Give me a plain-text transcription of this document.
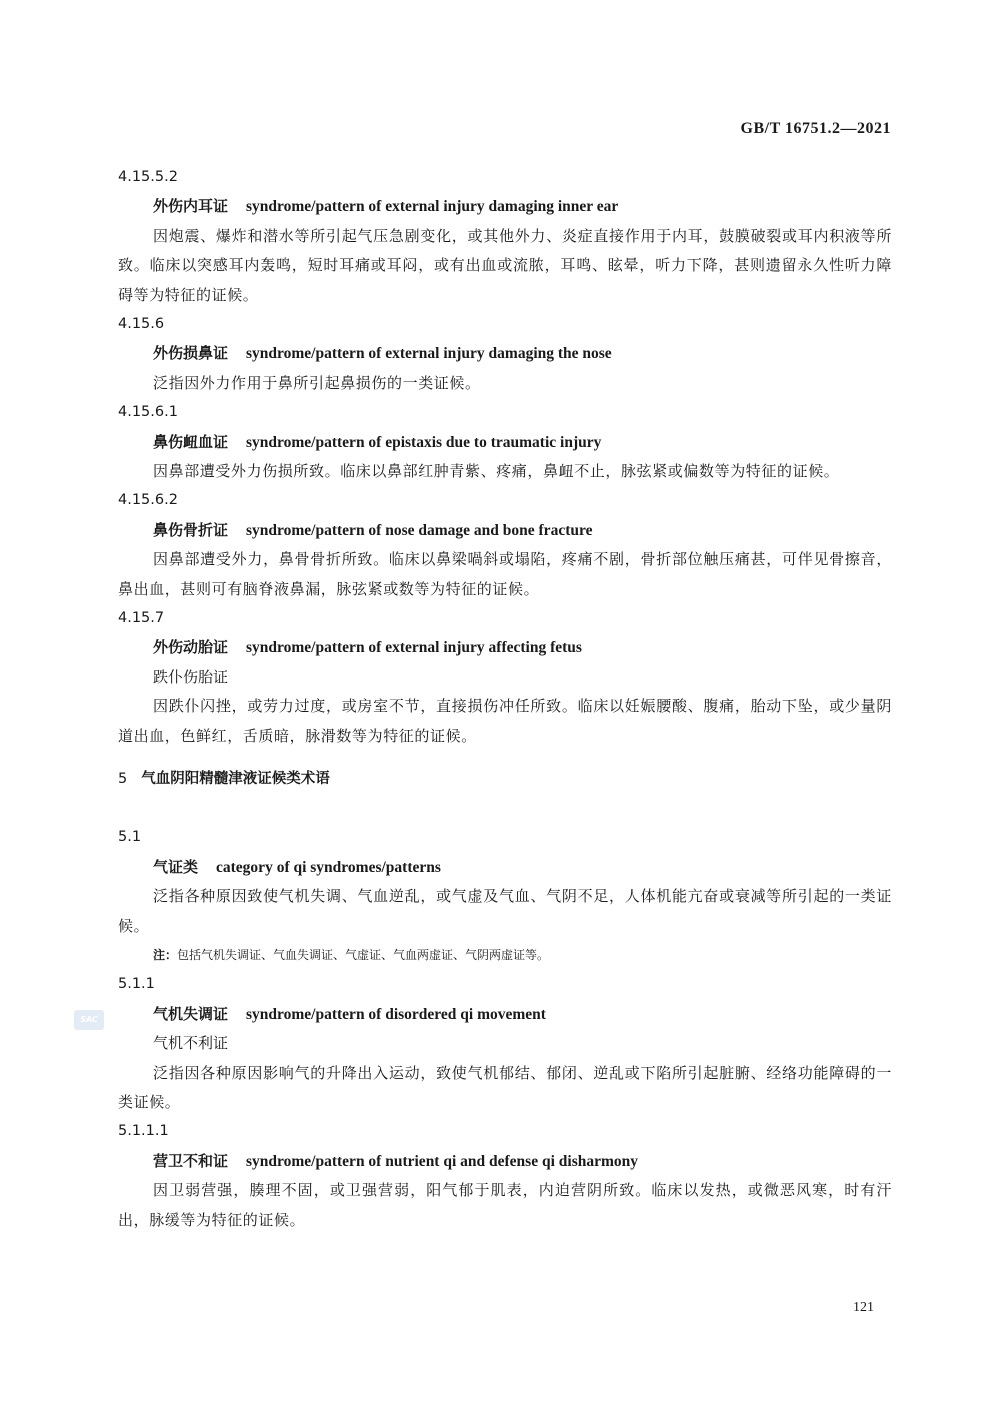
GB/T 16751.2—2021
4.15.5.2
外伤内耳证 syndrome/pattern of external injury damaging inner ear
因炮震、爆炸和潜水等所引起气压急剧变化，或其他外力、炎症直接作用于内耳，鼓膜破裂或耳内积液等所致。临床以突感耳内轰鸣，短时耳痛或耳闷，或有出血或流脓，耳鸣、眩晕，听力下降，甚则遗留永久性听力障碍等为特征的证候。
4.15.6
外伤损鼻证 syndrome/pattern of external injury damaging the nose
泛指因外力作用于鼻所引起鼻损伤的一类证候。
4.15.6.1
鼻伤衄血证 syndrome/pattern of epistaxis due to traumatic injury
因鼻部遭受外力伤损所致。临床以鼻部红肿青紫、疼痛，鼻衄不止，脉弦紧或偏数等为特征的证候。
4.15.6.2
鼻伤骨折证 syndrome/pattern of nose damage and bone fracture
因鼻部遭受外力，鼻骨骨折所致。临床以鼻梁喎斜或塌陷，疼痛不剧，骨折部位触压痛甚，可伴见骨擦音，鼻出血，甚则可有脑脊液鼻漏，脉弦紧或数等为特征的证候。
4.15.7
外伤动胎证 syndrome/pattern of external injury affecting fetus
跌仆伤胎证
因跌仆闪挫，或劳力过度，或房室不节，直接损伤冲任所致。临床以妊娠腰酸、腹痛，胎动下坠，或少量阴道出血，色鲜红，舌质暗，脉滑数等为特征的证候。
5 气血阴阳精髓津液证候类术语
5.1
气证类 category of qi syndromes/patterns
泛指各种原因致使气机失调、气血逆乱，或气虚及气血、气阴不足，人体机能亢奋或衰减等所引起的一类证候。
注：包括气机失调证、气血失调证、气虚证、气血两虚证、气阴两虚证等。
5.1.1
气机失调证 syndrome/pattern of disordered qi movement
气机不利证
泛指因各种原因影响气的升降出入运动，致使气机郁结、郁闭、逆乱或下陷所引起脏腑、经络功能障碍的一类证候。
5.1.1.1
营卫不和证 syndrome/pattern of nutrient qi and defense qi disharmony
因卫弱营强，腠理不固，或卫强营弱，阳气郁于肌表，内迫营阴所致。临床以发热，或微恶风寒，时有汗出，脉缓等为特征的证候。
SAC
121
